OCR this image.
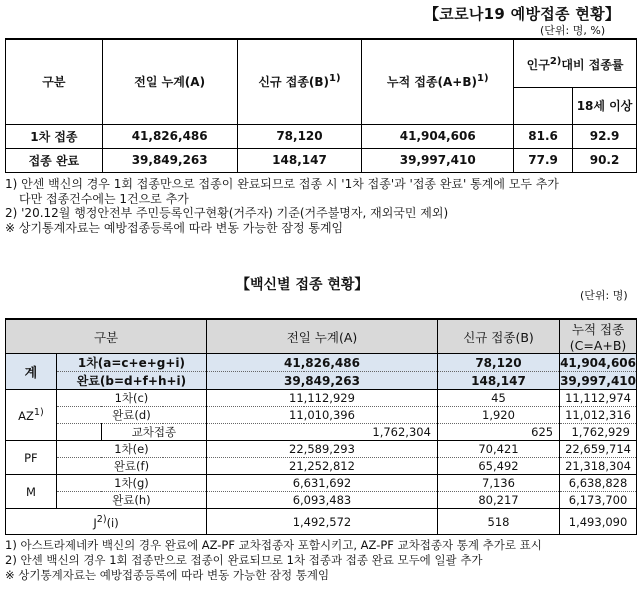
【코로나19 예방접종 현황】
(단위: 명, %)
구분	전일 누계(A)	신규 접종$(B)^{1)}$	누적 접종$(A+B)^{1)}$	인구$^{2)}$대비 접종률	
					18세 이상
1차 접종	41,826,486	78,120	41,904,606	81.6	92.9
접종 완료	39,849,263	148,147	39,997,410	77.9	90.2
1) 안센 백신의 경우 1회 접종만으로 접종이 완료되므로 접종 시 '1차 접종'과 '접종 완료' 통계에 모두 추가
다만 접종건수에는 1건으로 추가
2) '20.12월 행정안전부 주민등록인구현황(거주자) 기준(거주불명자, 재외국민 제외)
※ 상기통계자료는 예방접종등록에 따라 변동 가능한 잠정 통계임
【백신별 접종 현황】
(단위: 명)
구분			전일 누계(A)	신규 접종(B)	누적 접종(C=A+B)
계	1차(a=c+e+g+i)		41,826,486	78,120	41,904,606
	완료(b=d+f+h+i)		39,849,263	148,147	39,997,410
AZ$^{1)}$	1차(c)		11,112,929	45	11,112,974
	완료(d)		11,010,396	1,920	11,012,316
		교차접종	1,762,304	625	1,762,929
PF	1차(e)		22,589,293	70,421	22,659,714
	완료(f)		21,252,812	65,492	21,318,304
M	1차(g)		6,631,692	7,136	6,638,828
	완료(h)		6,093,483	80,217	6,173,700
$J^{2)}(i)$			1,492,572	518	1,493,090
1) 아스트라제네카 백신의 경우 완료에 AZ-PF 교차접종자 포함시키고, AZ-PF 교차접종자 통계 추가로 표시
2) 안센 백신의 경우 1회 접종만으로 접종이 완료되므로 1차 접종과 접종 완료 모두에 일괄 추가
※ 상기통계자료는 예방접종등록에 따라 변동 가능한 잠정 통계임
